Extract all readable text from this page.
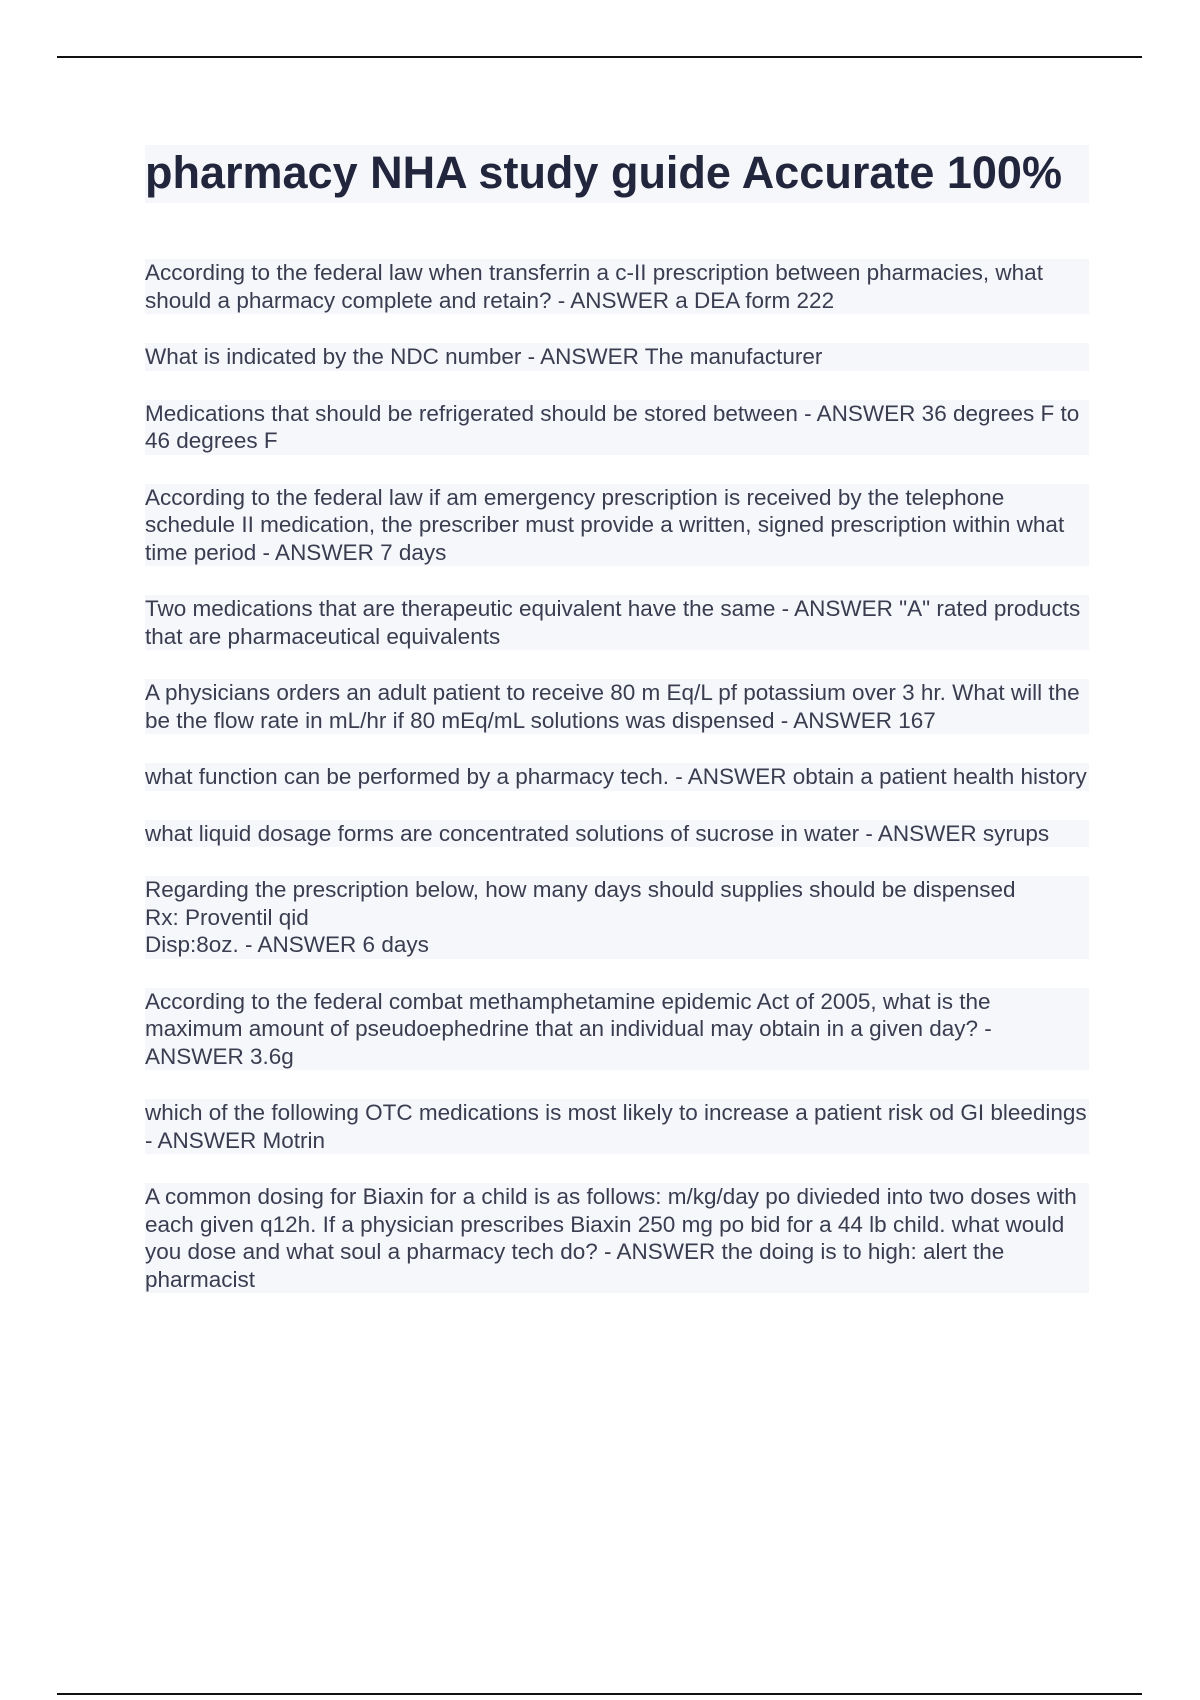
pharmacy NHA study guide Accurate 100%
According to the federal law when transferrin a c-II prescription between pharmacies, what should a pharmacy complete and retain? - ANSWER a DEA form 222
What is indicated by the NDC number - ANSWER The manufacturer
Medications that should be refrigerated should be stored between - ANSWER 36 degrees F to 46 degrees F
According to the federal law if am emergency prescription is received by the telephone schedule II medication, the prescriber must provide a written, signed prescription within what time period - ANSWER 7 days
Two medications that are therapeutic equivalent have the same - ANSWER "A" rated products that are pharmaceutical equivalents
A physicians orders an adult patient to receive 80 m Eq/L pf potassium over 3 hr. What will the be the flow rate in mL/hr if 80 mEq/mL solutions was dispensed - ANSWER 167
what function can be performed by a pharmacy tech. - ANSWER obtain a patient health history
what liquid dosage forms are concentrated solutions of sucrose in water - ANSWER syrups
Regarding the prescription below, how many days should supplies should be dispensed
Rx: Proventil qid
Disp:8oz. - ANSWER 6 days
According to the federal combat methamphetamine epidemic Act of 2005, what is the maximum amount of pseudoephedrine that an individual may obtain in a given day? - ANSWER 3.6g
which of the following OTC medications is most likely to increase a patient risk od GI bleedings - ANSWER Motrin
A common dosing for Biaxin for a child is as follows: m/kg/day po divieded into two doses with each given q12h. If a physician prescribes Biaxin 250 mg po bid for a 44 lb child. what would you dose and what soul a pharmacy tech do? - ANSWER the doing is to high: alert the pharmacist
